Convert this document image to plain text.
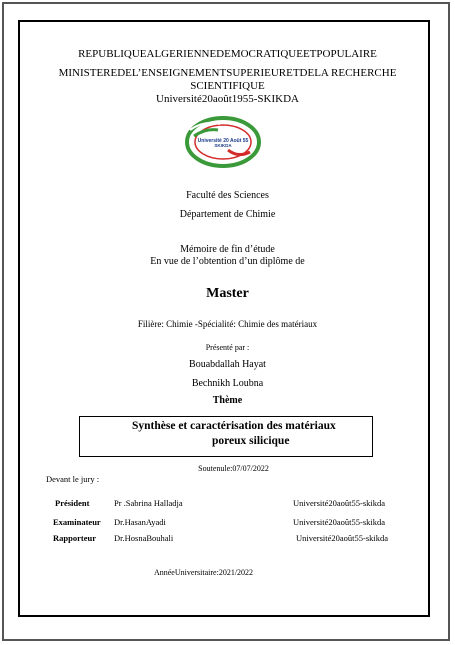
REPUBLIQUEALGERIENNEDEMOCRATIQUEETPOPULAIRE
MINISTEREDEL’ENSEIGNEMENTSUPERIEURETDELA RECHERCHE
SCIENTIFIQUE
Université20août1955-SKIKDA
Université 20 Août 55
SKIKDA
Faculté des Sciences
Département de Chimie
Mémoire de fin d’étude
En vue de l’obtention d’un diplôme de
Master
Filière: Chimie -Spécialité: Chimie des matériaux
Présenté par :
Bouabdallah Hayat
Bechnikh Loubna
Thème
Synthèse et caractérisation des matériaux
poreux silicique
Soutenule:07/07/2022
Devant le jury :
Président	Pr .Sabrina Halladja	Université20août55-skikda
Examinateur Dr.HasanAyadi	Université20août55-skikda
Rapporteur Dr.HosnaBouhali	Université20août55-skikda
AnnéeUniversitaire:2021/2022
